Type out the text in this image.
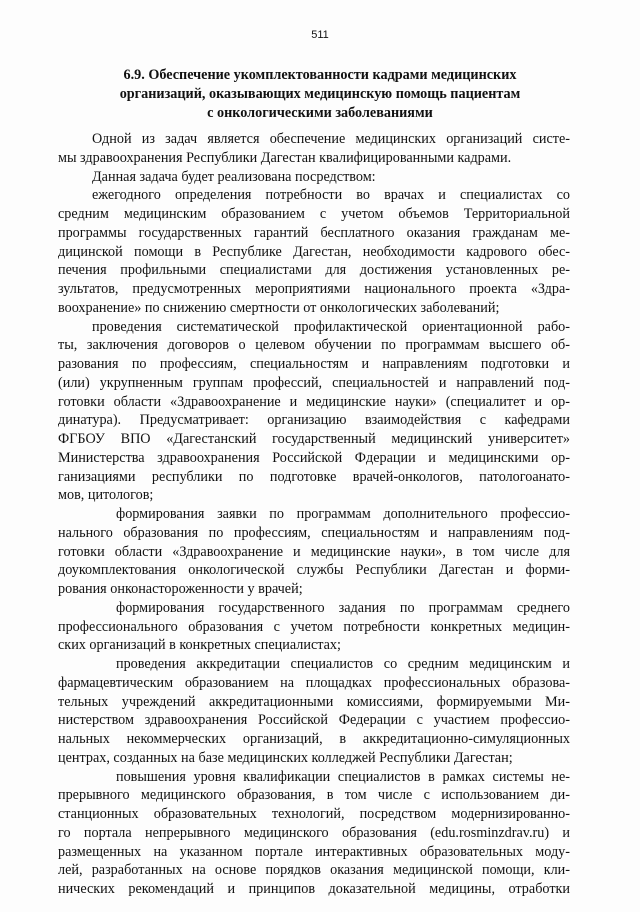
511
6.9. Обеспечение укомплектованности кадрами медицинских
организаций, оказывающих медицинскую помощь пациентам
с онкологическими заболеваниями
Одной из задач является обеспечение медицинских организаций систе-
мы здравоохранения Республики Дагестан квалифицированными кадрами.
Данная задача будет реализована посредством:
ежегодного определения потребности во врачах и специалистах со
средним медицинским образованием с учетом объемов Территориальной
программы государственных гарантий бесплатного оказания гражданам ме-
дицинской помощи в Республике Дагестан, необходимости кадрового обес-
печения профильными специалистами для достижения установленных ре-
зультатов, предусмотренных мероприятиями национального проекта «Здра-
воохранение» по снижению смертности от онкологических заболеваний;
проведения систематической профилактической ориентационной рабо-
ты, заключения договоров о целевом обучении по программам высшего об-
разования по профессиям, специальностям и направлениям подготовки и
(или) укрупненным группам профессий, специальностей и направлений под-
готовки области «Здравоохранение и медицинские науки» (специалитет и ор-
динатура). Предусматривает: организацию взаимодействия с кафедрами
ФГБОУ ВПО «Дагестанский государственный медицинский университет»
Министерства здравоохранения Российской Фдерации и медицинскими ор-
ганизациями республики по подготовке врачей-онкологов, патологоанато-
мов, цитологов;
формирования заявки по программам дополнительного профессио-
нального образования по профессиям, специальностям и направлениям под-
готовки области «Здравоохранение и медицинские науки», в том числе для
доукомплектования онкологической службы Республики Дагестан и форми-
рования онконастороженности у врачей;
формирования государственного задания по программам среднего
профессионального образования с учетом потребности конкретных медицин-
ских организаций в конкретных специалистах;
проведения аккредитации специалистов со средним медицинским и
фармацевтическим образованием на площадках профессиональных образова-
тельных учреждений аккредитационными комиссиями, формируемыми Ми-
нистерством здравоохранения Российской Федерации с участием профессио-
нальных некоммерческих организаций, в аккредитационно-симуляционных
центрах, созданных на базе медицинских колледжей Республики Дагестан;
повышения уровня квалификации специалистов в рамках системы не-
прерывного медицинского образования, в том числе с использованием ди-
станционных образовательных технологий, посредством модернизированно-
го портала непрерывного медицинского образования (edu.rosminzdrav.ru) и
размещенных на указанном портале интерактивных образовательных моду-
лей, разработанных на основе порядков оказания медицинской помощи, кли-
нических рекомендаций и принципов доказательной медицины, отработки
